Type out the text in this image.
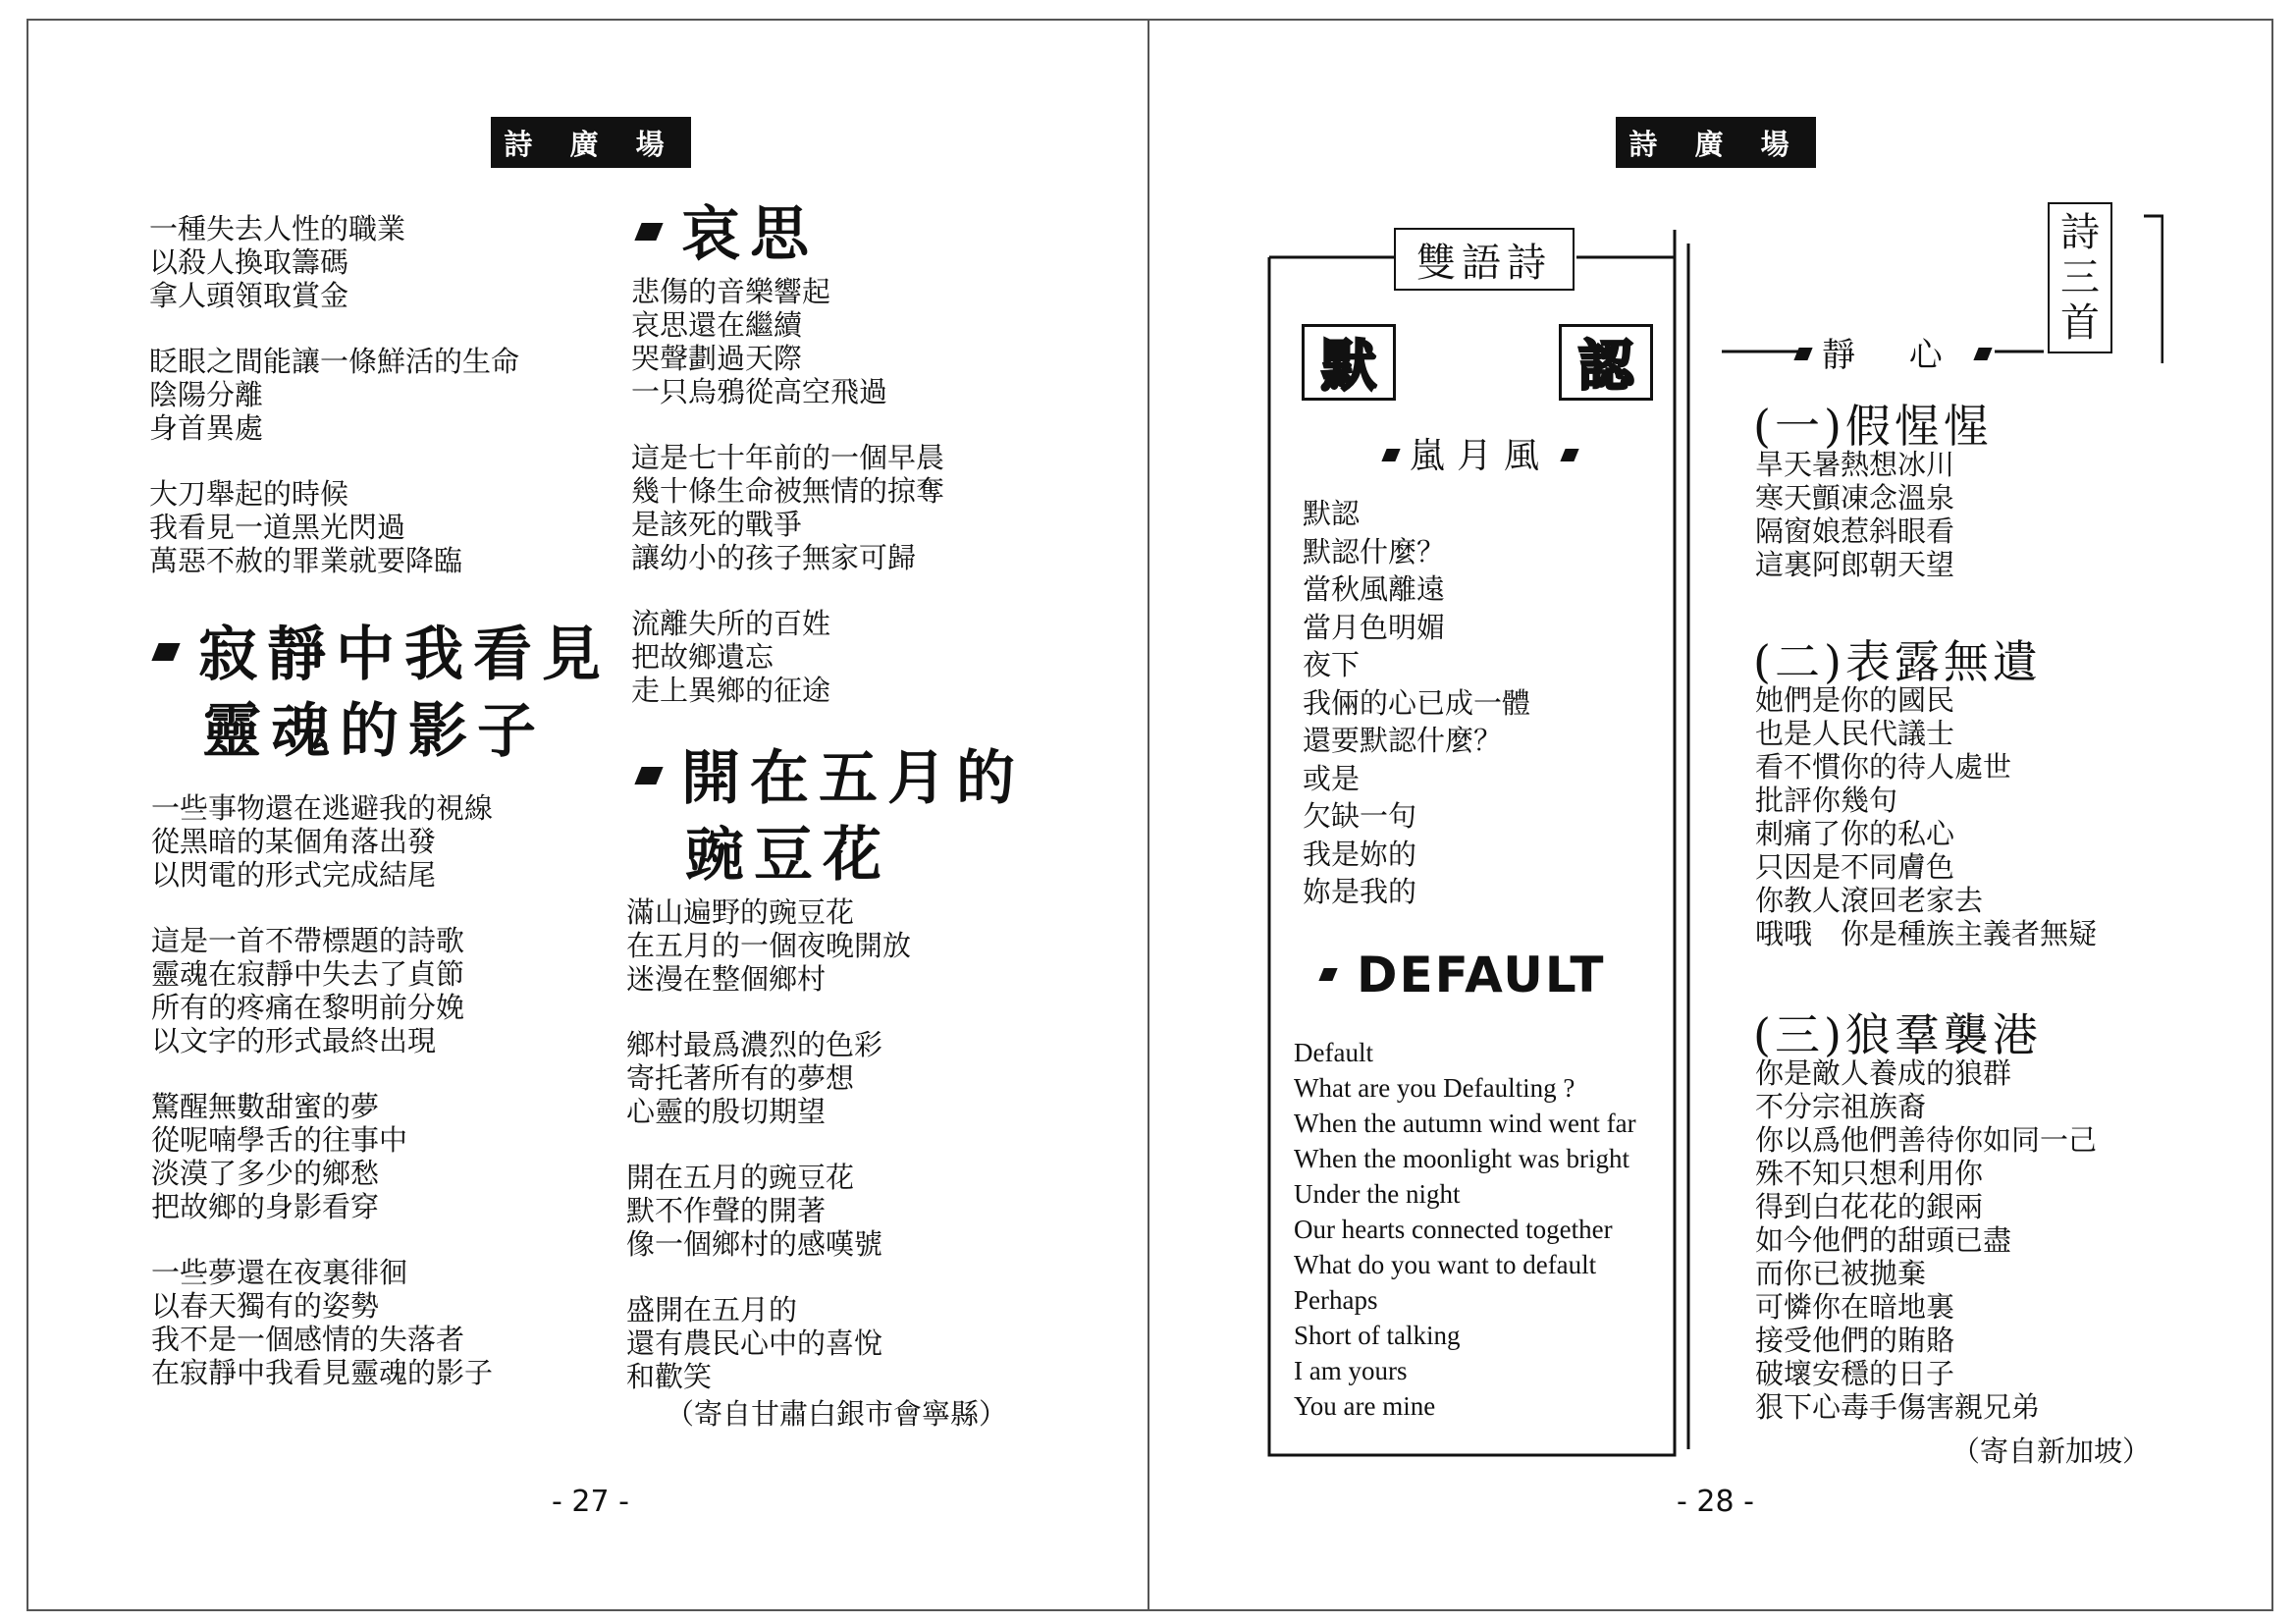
詩 廣 場
一種失去人性的職業
以殺人換取籌碼
拿人頭領取賞金
眨眼之間能讓一條鮮活的生命
陰陽分離
身首異處
大刀舉起的時候
我看見一道黑光閃過
萬惡不赦的罪業就要降臨
寂靜中我看見
靈魂的影子
一些事物還在逃避我的視線
從黑暗的某個角落出發
以閃電的形式完成結尾
這是一首不帶標題的詩歌
靈魂在寂靜中失去了貞節
所有的疼痛在黎明前分娩
以文字的形式最終出現
驚醒無數甜蜜的夢
從呢喃學舌的往事中
淡漠了多少的鄉愁
把故鄉的身影看穿
一些夢還在夜裏徘徊
以春天獨有的姿勢
我不是一個感情的失落者
在寂靜中我看見靈魂的影子
哀思
悲傷的音樂響起
哀思還在繼續
哭聲劃過天際
一只烏鴉從高空飛過
這是七十年前的一個早晨
幾十條生命被無情的掠奪
是該死的戰爭
讓幼小的孩子無家可歸
流離失所的百姓
把故鄉遺忘
走上異鄉的征途
開在五月的
豌豆花
滿山遍野的豌豆花
在五月的一個夜晚開放
迷漫在整個鄉村
鄉村最爲濃烈的色彩
寄托著所有的夢想
心靈的殷切期望
開在五月的豌豆花
默不作聲的開著
像一個鄉村的感嘆號
盛開在五月的
還有農民心中的喜悅
和歡笑
（寄自甘肅白銀市會寧縣）
- 27 -
詩 廣 場
雙語詩
默	認
嵐月風
默認
默認什麼？
當秋風離遠
當月色明媚
夜下
我倆的心已成一體
還要默認什麼？
或是
欠缺一句
我是妳的
妳是我的
DEFAULT
Default
What are you Defaulting ?
When the autumn wind went far
When the moonlight was bright
Under the night
Our hearts connected together
What do you want to default
Perhaps
Short of talking
I am yours
You are mine
詩
三
首
靜 心
(一)假惺惺
旱天暑熱想冰川
寒天顫凍念溫泉
隔窗娘惹斜眼看
這裏阿郎朝天望
(二)表露無遺
她們是你的國民
也是人民代議士
看不慣你的待人處世
批評你幾句
刺痛了你的私心
只因是不同膚色
你教人滾回老家去
哦哦　你是種族主義者無疑
(三)狼羣襲港
你是敵人養成的狼群
不分宗祖族裔
你以爲他們善待你如同一己
殊不知只想利用你
得到白花花的銀兩
如今他們的甜頭已盡
而你已被拋棄
可憐你在暗地裏
接受他們的賄賂
破壞安穩的日子
狠下心毒手傷害親兄弟
（寄自新加坡）
- 28 -
